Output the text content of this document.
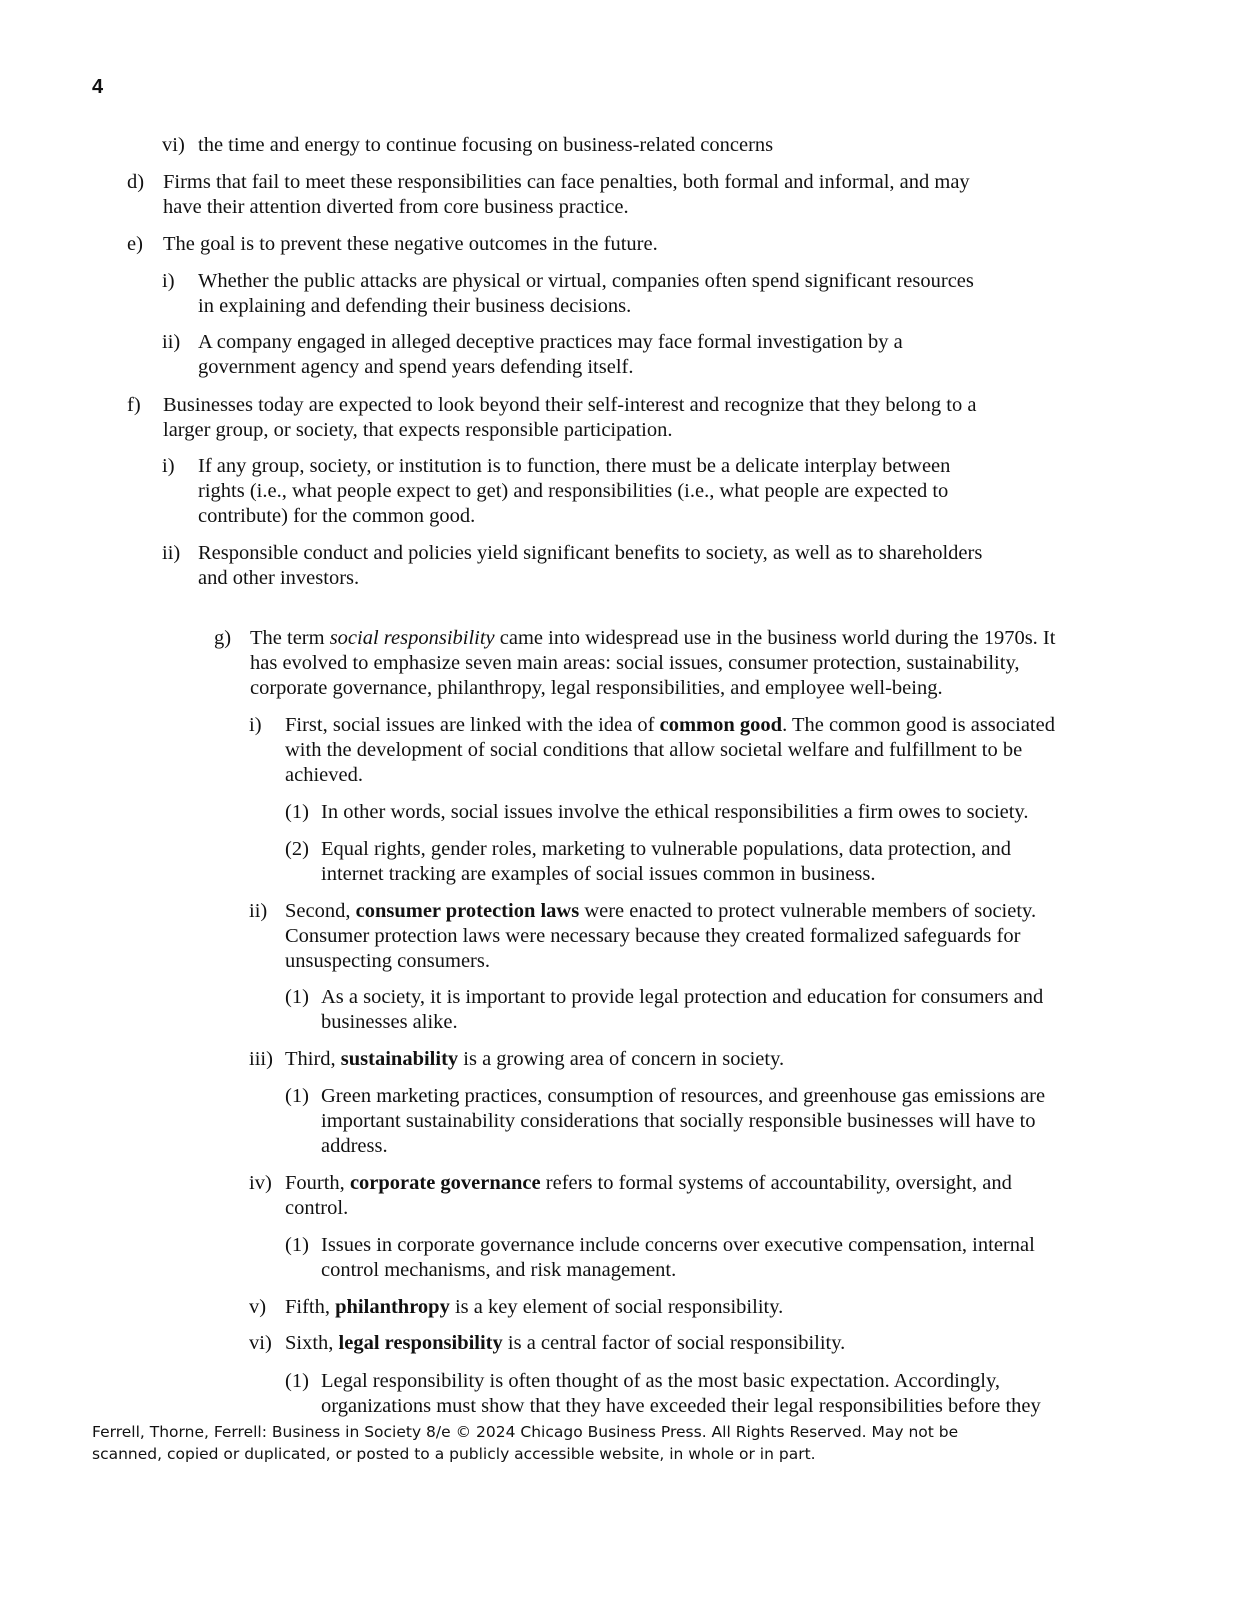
4
vi) the time and energy to continue focusing on business-related concerns
d) Firms that fail to meet these responsibilities can face penalties, both formal and informal, and may
have their attention diverted from core business practice.
e) The goal is to prevent these negative outcomes in the future.
i) Whether the public attacks are physical or virtual, companies often spend significant resources
in explaining and defending their business decisions.
ii) A company engaged in alleged deceptive practices may face formal investigation by a
government agency and spend years defending itself.
f) Businesses today are expected to look beyond their self-interest and recognize that they belong to a
larger group, or society, that expects responsible participation.
i) If any group, society, or institution is to function, there must be a delicate interplay between
rights (i.e., what people expect to get) and responsibilities (i.e., what people are expected to
contribute) for the common good.
ii) Responsible conduct and policies yield significant benefits to society, as well as to shareholders
and other investors.
g) The term social responsibility came into widespread use in the business world during the 1970s. It
has evolved to emphasize seven main areas: social issues, consumer protection, sustainability,
corporate governance, philanthropy, legal responsibilities, and employee well-being.
i) First, social issues are linked with the idea of common good. The common good is associated
with the development of social conditions that allow societal welfare and fulfillment to be
achieved.
(1) In other words, social issues involve the ethical responsibilities a firm owes to society.
(2) Equal rights, gender roles, marketing to vulnerable populations, data protection, and
internet tracking are examples of social issues common in business.
ii) Second, consumer protection laws were enacted to protect vulnerable members of society.
Consumer protection laws were necessary because they created formalized safeguards for
unsuspecting consumers.
(1) As a society, it is important to provide legal protection and education for consumers and
businesses alike.
iii) Third, sustainability is a growing area of concern in society.
(1) Green marketing practices, consumption of resources, and greenhouse gas emissions are
important sustainability considerations that socially responsible businesses will have to
address.
iv) Fourth, corporate governance refers to formal systems of accountability, oversight, and
control.
(1) Issues in corporate governance include concerns over executive compensation, internal
control mechanisms, and risk management.
v) Fifth, philanthropy is a key element of social responsibility.
vi) Sixth, legal responsibility is a central factor of social responsibility.
(1) Legal responsibility is often thought of as the most basic expectation. Accordingly,
organizations must show that they have exceeded their legal responsibilities before they
Ferrell, Thorne, Ferrell: Business in Society 8/e © 2024 Chicago Business Press. All Rights Reserved. May not be
scanned, copied or duplicated, or posted to a publicly accessible website, in whole or in part.
